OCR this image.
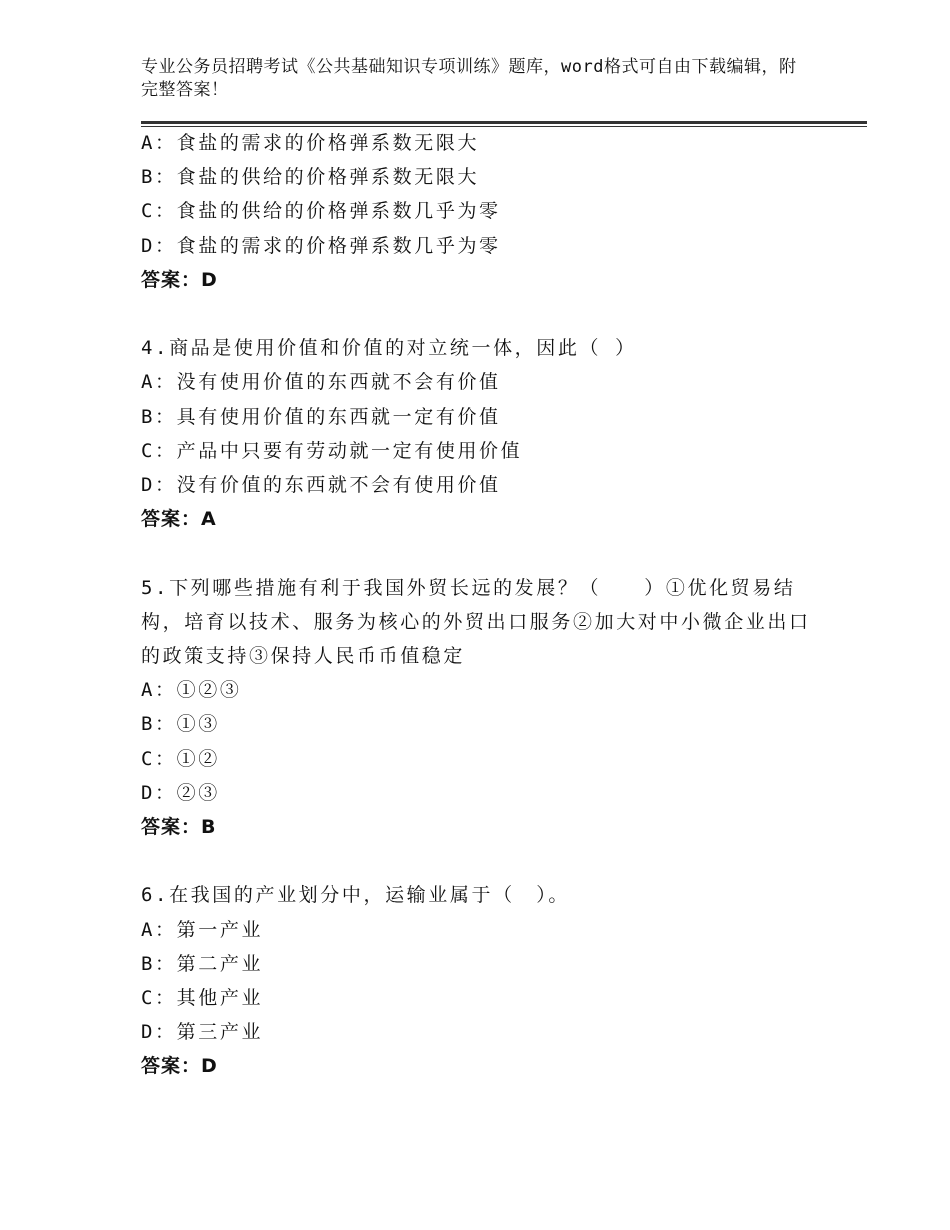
专业公务员招聘考试《公共基础知识专项训练》题库，word格式可自由下载编辑，附完整答案！
A：食盐的需求的价格弹系数无限大
B：食盐的供给的价格弹系数无限大
C：食盐的供给的价格弹系数几乎为零
D：食盐的需求的价格弹系数几乎为零
答案：D
4.商品是使用价值和价值的对立统一体，因此（ ）
A：没有使用价值的东西就不会有价值
B：具有使用价值的东西就一定有价值
C：产品中只要有劳动就一定有使用价值
D：没有价值的东西就不会有使用价值
答案：A
5.下列哪些措施有利于我国外贸长远的发展？（　　）①优化贸易结构，培育以技术、服务为核心的外贸出口服务②加大对中小微企业出口的政策支持③保持人民币币值稳定
A：①②③
B：①③
C：①②
D：②③
答案：B
6.在我国的产业划分中，运输业属于（　）。
A：第一产业
B：第二产业
C：其他产业
D：第三产业
答案：D
